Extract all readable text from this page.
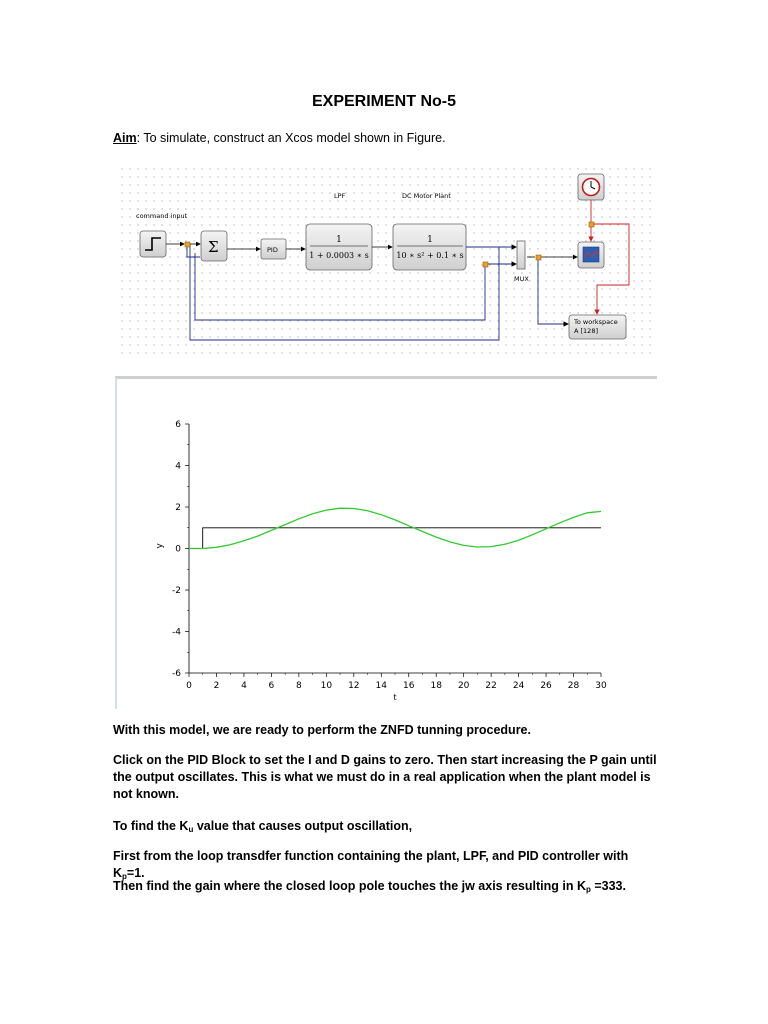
EXPERIMENT No-5
Aim: To simulate, construct an Xcos model shown in Figure.
command input
LPF	DC Motor Plant
Σ	PID
1
1 + 0.0003 ∗ s
1
10 ∗ s² + 0.1 ∗ s
MUX
To workspace
A [128]
0 2 4 6 8 10 12 14 16 18 20 22 24 26 28 30
6
4
2
0
-2
-4
-6
y
t
With this model, we are ready to perform the ZNFD tunning procedure.
Click on the PID Block to set the I and D gains to zero. Then start increasing the P gain until the output oscillates. This is what we must do in a real application when the plant model is not known.
To find the $K_u$ value that causes output oscillation,
First from the loop transdfer function containing the plant, LPF, and PID controller with $K_p=1$.
Then find the gain where the closed loop pole touches the jw axis resulting in $K_p =333$.
